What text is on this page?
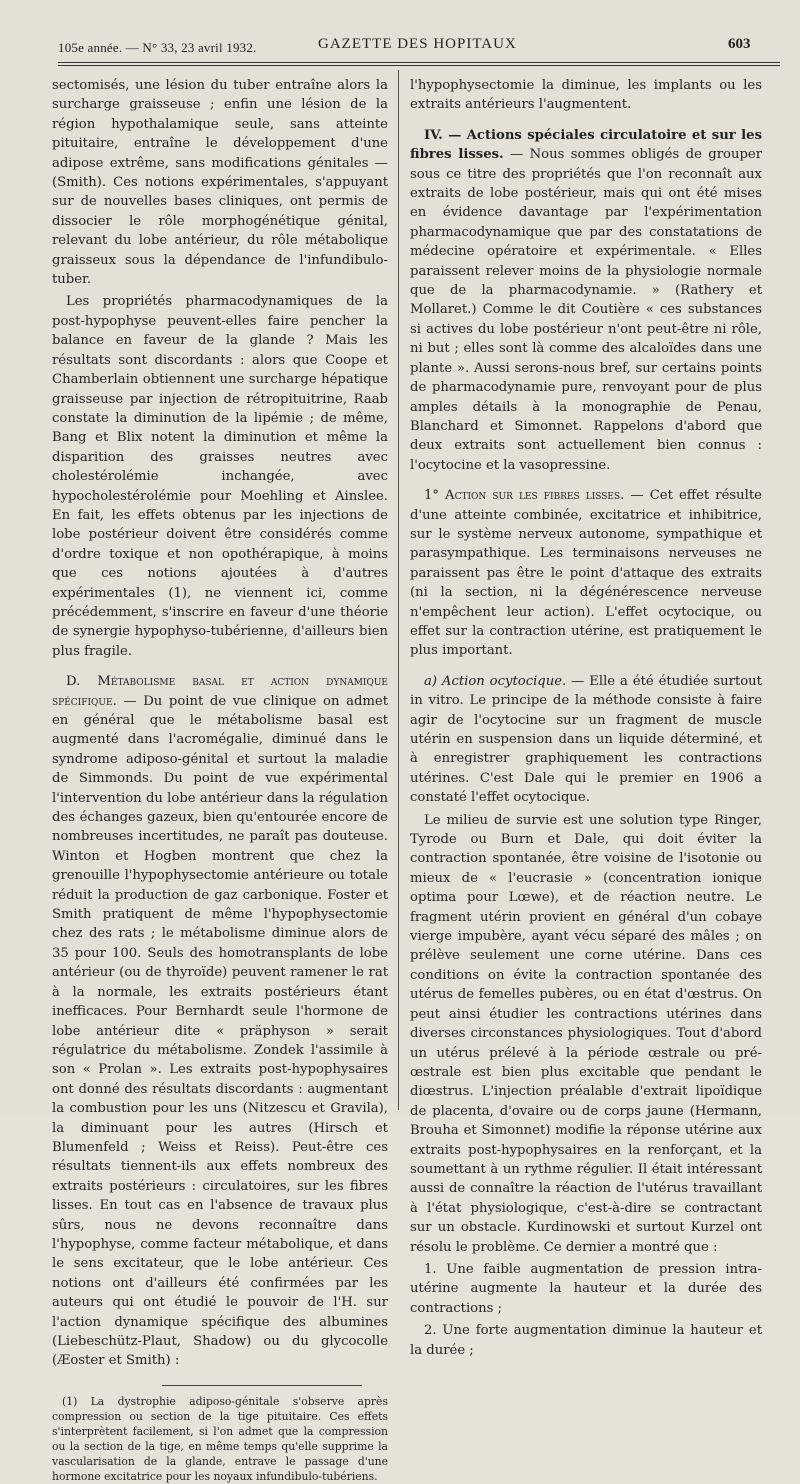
105e année. — N° 33, 23 avril 1932.	GAZETTE DES HOPITAUX	603

sectomisés, une lésion du tuber entraîne alors la surcharge graisseuse ; enfin une lésion de la région hypothalamique seule, sans atteinte pituitaire, entraîne le développement d'une adipose extrême, sans modifications génitales — (Smith). Ces notions expérimentales, s'appuyant sur de nouvelles bases cliniques, ont permis de dissocier le rôle morphogénétique génital, relevant du lobe antérieur, du rôle métabolique graisseux sous la dépendance de l'infundibulo-tuber.

Les propriétés pharmacodynamiques de la post-hypophyse peuvent-elles faire pencher la balance en faveur de la glande ? Mais les résultats sont discordants : alors que Coope et Chamberlain obtiennent une surcharge hépatique graisseuse par injection de rétropituitrine, Raab constate la diminution de la lipémie ; de même, Bang et Blix notent la diminution et même la disparition des graisses neutres avec cholestérolémie inchangée, avec hypocholestérolémie pour Moehling et Ainslee. En fait, les effets obtenus par les injections de lobe postérieur doivent être considérés comme d'ordre toxique et non opothérapique, à moins que ces notions ajoutées à d'autres expérimentales (1), ne viennent ici, comme précédemment, s'inscrire en faveur d'une théorie de synergie hypophyso-tubérienne, d'ailleurs bien plus fragile.

D. Métabolisme basal et action dynamique spécifique. — Du point de vue clinique on admet en général que le métabolisme basal est augmenté dans l'acromégalie, diminué dans le syndrome adiposo-génital et surtout la maladie de Simmonds. Du point de vue expérimental l'intervention du lobe antérieur dans la régulation des échanges gazeux, bien qu'entourée encore de nombreuses incertitudes, ne paraît pas douteuse. Winton et Hogben montrent que chez la grenouille l'hypophysectomie antérieure ou totale réduit la production de gaz carbonique. Foster et Smith pratiquent de même l'hypophysectomie chez des rats ; le métabolisme diminue alors de 35 pour 100. Seuls des homotransplants de lobe antérieur (ou de thyroïde) peuvent ramener le rat à la normale, les extraits postérieurs étant inefficaces. Pour Bernhardt seule l'hormone de lobe antérieur dite « präphyson » serait régulatrice du métabolisme. Zondek l'assimile à son « Prolan ». Les extraits post-hypophysaires ont donné des résultats discordants : augmentant la combustion pour les uns (Nitzescu et Gravila), la diminuant pour les autres (Hirsch et Blumenfeld ; Weiss et Reiss). Peut-être ces résultats tiennent-ils aux effets nombreux des extraits postérieurs : circulatoires, sur les fibres lisses. En tout cas en l'absence de travaux plus sûrs, nous ne devons reconnaître dans l'hypophyse, comme facteur métabolique, et dans le sens excitateur, que le lobe antérieur. Ces notions ont d'ailleurs été confirmées par les auteurs qui ont étudié le pouvoir de l'H. sur l'action dynamique spécifique des albumines (Liebeschütz-Plaut, Shadow) ou du glycocolle (Æoster et Smith) :

(1) La dystrophie adiposo-génitale s'observe après compression ou section de la tige pituitaire. Ces effets s'interprètent facilement, si l'on admet que la compression ou la section de la tige, en même temps qu'elle supprime la vascularisation de la glande, entrave le passage d'une hormone excitatrice pour les noyaux infundibulo-tubériens.

l'hypophysectomie la diminue, les implants ou les extraits antérieurs l'augmentent.

IV. — Actions spéciales circulatoire et sur les fibres lisses. — Nous sommes obligés de grouper sous ce titre des propriétés que l'on reconnaît aux extraits de lobe postérieur, mais qui ont été mises en évidence davantage par l'expérimentation pharmacodynamique que par des constatations de médecine opératoire et expérimentale. « Elles paraissent relever moins de la physiologie normale que de la pharmacodynamie. » (Rathery et Mollaret.) Comme le dit Coutière « ces substances si actives du lobe postérieur n'ont peut-être ni rôle, ni but ; elles sont là comme des alcaloïdes dans une plante ». Aussi serons-nous bref, sur certains points de pharmacodynamie pure, renvoyant pour de plus amples détails à la monographie de Penau, Blanchard et Simonnet. Rappelons d'abord que deux extraits sont actuellement bien connus : l'ocytocine et la vasopressine.

1° Action sur les fibres lisses. — Cet effet résulte d'une atteinte combinée, excitatrice et inhibitrice, sur le système nerveux autonome, sympathique et parasympathique. Les terminaisons nerveuses ne paraissent pas être le point d'attaque des extraits (ni la section, ni la dégénérescence nerveuse n'empêchent leur action). L'effet ocytocique, ou effet sur la contraction utérine, est pratiquement le plus important.

a) Action ocytocique. — Elle a été étudiée surtout in vitro. Le principe de la méthode consiste à faire agir de l'ocytocine sur un fragment de muscle utérin en suspension dans un liquide déterminé, et à enregistrer graphiquement les contractions utérines. C'est Dale qui le premier en 1906 a constaté l'effet ocytocique.

Le milieu de survie est une solution type Ringer, Tyrode ou Burn et Dale, qui doit éviter la contraction spontanée, être voisine de l'isotonie ou mieux de « l'eucrasie » (concentration ionique optima pour Lœwe), et de réaction neutre. Le fragment utérin provient en général d'un cobaye vierge impubère, ayant vécu séparé des mâles ; on prélève seulement une corne utérine. Dans ces conditions on évite la contraction spontanée des utérus de femelles pubères, ou en état d'œstrus. On peut ainsi étudier les contractions utérines dans diverses circonstances physiologiques. Tout d'abord un utérus prélevé à la période œstrale ou pré-œstrale est bien plus excitable que pendant le diœstrus. L'injection préalable d'extrait lipoïdique de placenta, d'ovaire ou de corps jaune (Hermann, Brouha et Simonnet) modifie la réponse utérine aux extraits post-hypophysaires en la renforçant, et la soumettant à un rythme régulier. Il était intéressant aussi de connaître la réaction de l'utérus travaillant à l'état physiologique, c'est-à-dire se contractant sur un obstacle. Kurdinowski et surtout Kurzel ont résolu le problème. Ce dernier a montré que :

1. Une faible augmentation de pression intra-utérine augmente la hauteur et la durée des contractions ;

2. Une forte augmentation diminue la hauteur et la durée ;
